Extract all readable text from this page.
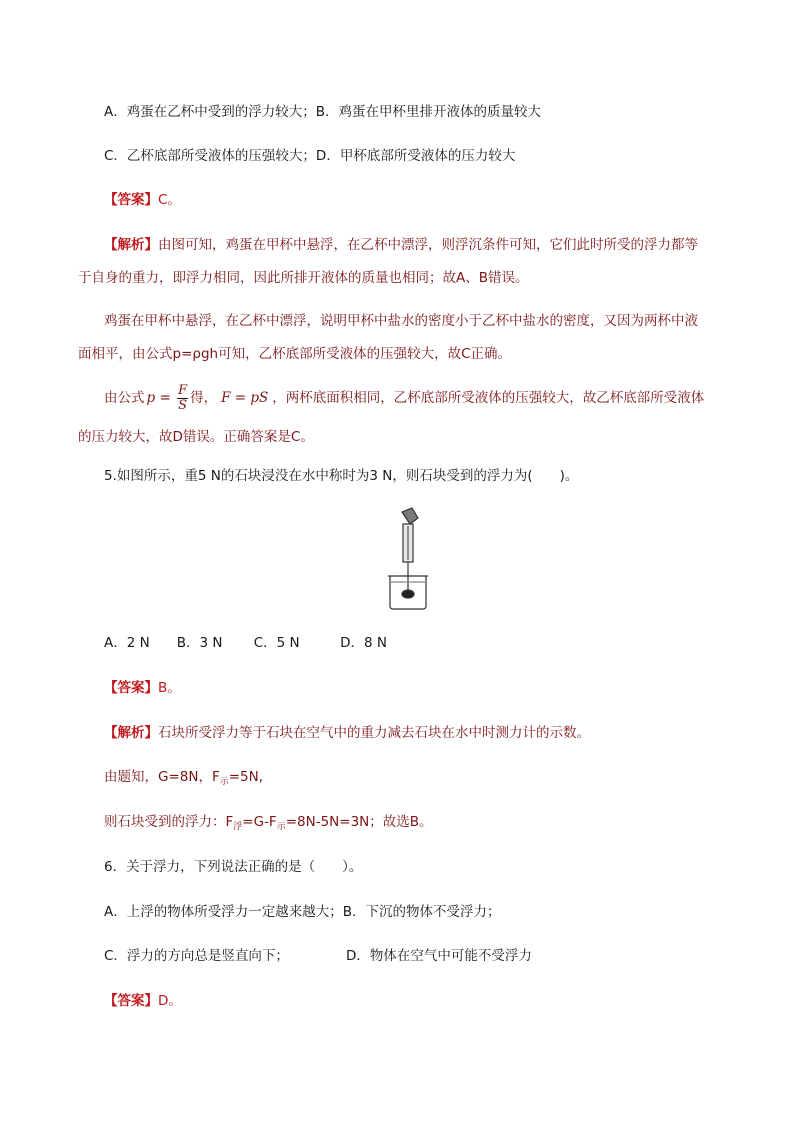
A．鸡蛋在乙杯中受到的浮力较大；B．鸡蛋在甲杯里排开液体的质量较大
C．乙杯底部所受液体的压强较大；D．甲杯底部所受液体的压力较大
【答案】C。
【解析】由图可知，鸡蛋在甲杯中悬浮，在乙杯中漂浮，则浮沉条件可知，它们此时所受的浮力都等
于自身的重力，即浮力相同，因此所排开液体的质量也相同；故A、B错误。
鸡蛋在甲杯中悬浮，在乙杯中漂浮，说明甲杯中盐水的密度小于乙杯中盐水的密度，又因为两杯中液
面相平，由公式p=ρgh可知，乙杯底部所受液体的压强较大，故C正确。
由公式 $p = \frac{F}{S}$ 得， F = pS ，两杯底面积相同，乙杯底部所受液体的压强较大，故乙杯底部所受液体
的压力较大，故D错误。正确答案是C。
5.如图所示，重5 N的石块浸没在水中称时为3 N，则石块受到的浮力为(　　)。
A．2 N　　B．3 N　　 C．5 N　　　D．8 N
【答案】B。
【解析】石块所受浮力等于石块在空气中的重力减去石块在水中时测力计的示数。
由题知，G=8N，$F_示=5N$,
则石块受到的浮力：$F_浮=G-F_示=8N-5N=3N$；故选B。
6．关于浮力，下列说法正确的是（　　）。
A．上浮的物体所受浮力一定越来越大；B．下沉的物体不受浮力；
C．浮力的方向总是竖直向下；	D．物体在空气中可能不受浮力
【答案】D。
